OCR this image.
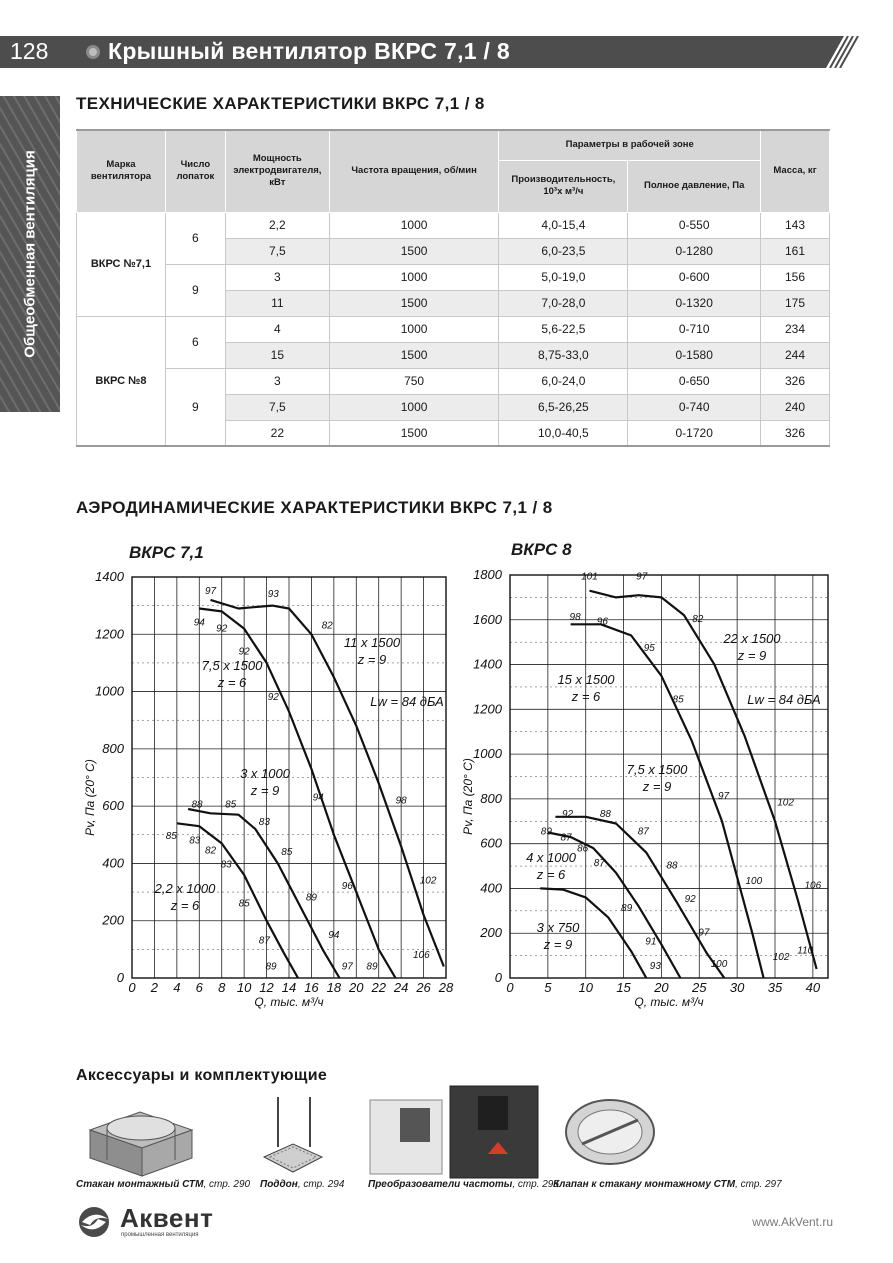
128	Крышный вентилятор ВКРС 7,1 / 8
Общеобменная вентиляция
ТЕХНИЧЕСКИЕ ХАРАКТЕРИСТИКИ ВКРС 7,1 / 8
Марка вентилятора	Число лопаток	Мощность электродвигателя, кВт	Частота вращения, об/мин	Параметры в рабочей зоне		Масса, кг
				Производительность, 10³х м³/ч	Полное давление, Па	
ВКРС №7,1	6	2,2	1000	4,0-15,4	0-550	143
		7,5	1500	6,0-23,5	0-1280	161
	9	3	1000	5,0-19,0	0-600	156
		11	1500	7,0-28,0	0-1320	175
ВКРС №8	6	4	1000	5,6-22,5	0-710	234
		15	1500	8,75-33,0	0-1580	244
	9	3	750	6,0-24,0	0-650	326
		7,5	1000	6,5-26,25	0-740	240
		22	1500	10,0-40,5	0-1720	326
АЭРОДИНАМИЧЕСКИЕ ХАРАКТЕРИСТИКИ ВКРС 7,1 / 8
ВКРС 7,1	ВКРС 8
0 2 4 6 8 10 12 14 16 18 20 22 24 26 28
0
200
400
600
800
1000
1200
1400
Q, тыс. м³/ч
Pv, Па (20° C)
2,2 х 1000
z = 6
3 х 1000
z = 9
7,5 х 1500
z = 6
11 х 1500
z = 9
97	93
94
92	82
92
92
94	98
102
106
96
94
97 89
89
85
83
88 85
85 83
82
83
85
87
89
Lw = 84 дБА
0 5 10 15 20 25 30 35 40
0
200
400
600
800
1000
1200
1400
1600
1800
Q, тыс. м³/ч
Pv, Па (20° C)
3 х 750
z = 9
4 х 1000
z = 6
7,5 х 1500
z = 9
15 х 1500
z = 6
22 х 1500
z = 9
101	97
98 96	82
95
85
97
102
100	106
102
110
92	88
87
88
92
97
100
89
87
86
87
89
91
93
Lw = 84 дБА
Аксессуары и комплектующие
Стакан монтажный СТМ, стр. 290 Поддон, стр. 294 Преобразователи частоты, стр. 295
Клапан к стакану монтажному СТМ, стр. 297
Аквент
промышленная вентиляция
www.AkVent.ru
